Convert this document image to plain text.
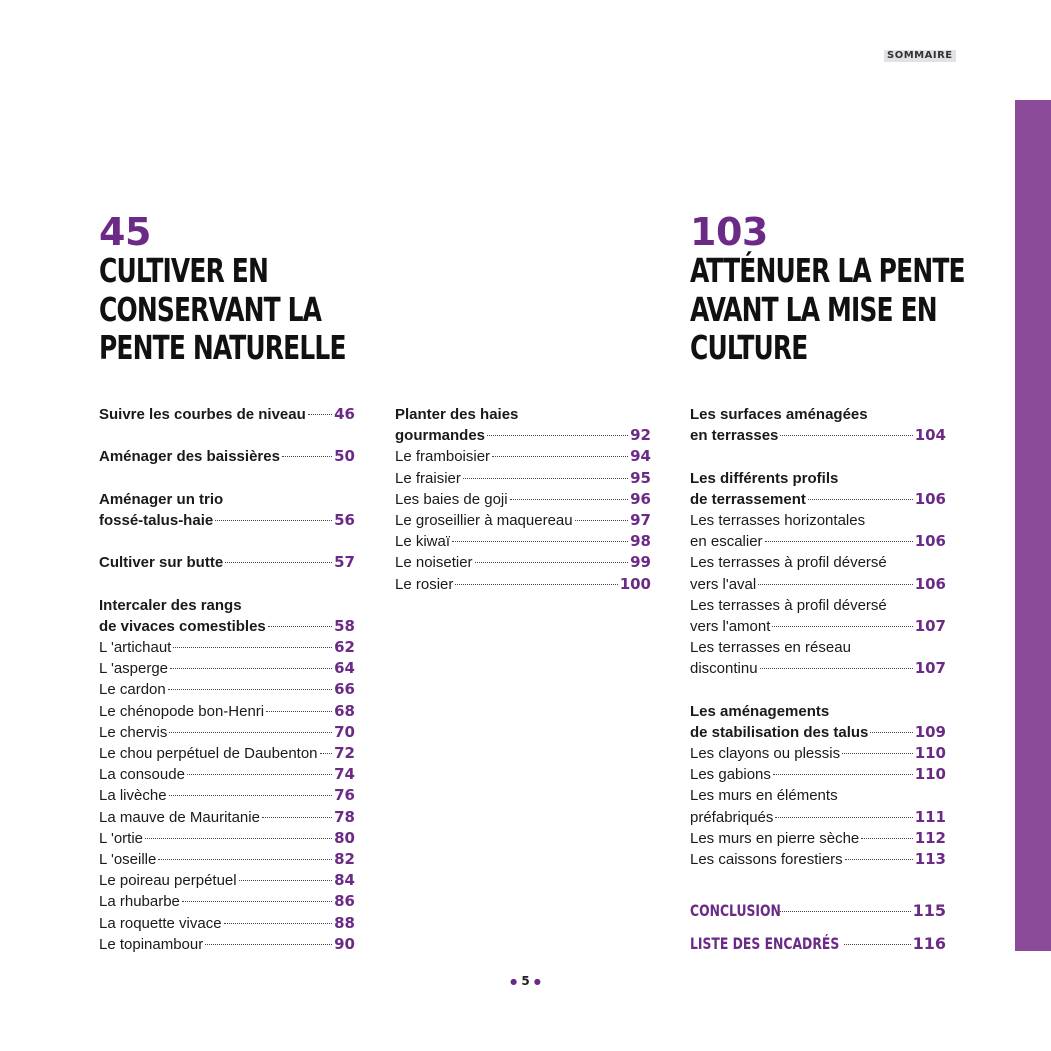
SOMMAIRE
45
CULTIVER EN CONSERVANT LA PENTE NATURELLE
103
ATTÉNUER LA PENTE AVANT LA MISE EN CULTURE
Suivre les courbes de niveau 46
Aménager des baissières	50
Aménager un trio
fossé-talus-haie	56
Cultiver sur butte	57
Intercaler des rangs
de vivaces comestibles	58
L 'artichaut	62
L 'asperge	64
Le cardon	66
Le chénopode bon-Henri	68
Le chervis	70
Le chou perpétuel de Daubenton 72
La consoude	74
La livèche	76
La mauve de Mauritanie	78
L 'ortie	80
L 'oseille	82
Le poireau perpétuel	84
La rhubarbe	86
La roquette vivace	88
Le topinambour	90
Planter des haies
gourmandes	92
Le framboisier	94
Le fraisier	95
Les baies de goji	96
Le groseillier à maquereau	97
Le kiwaï	98
Le noisetier	99
Le rosier	100
Les surfaces aménagées
en terrasses	104
Les différents profils
de terrassement	106
Les terrasses horizontales
en escalier	106
Les terrasses à profil déversé
vers l'aval	106
Les terrasses à profil déversé
vers l'amont	107
Les terrasses en réseau
discontinu	107
Les aménagements
de stabilisation des talus	109
Les clayons ou plessis	110
Les gabions	110
Les murs en éléments
préfabriqués	111
Les murs en pierre sèche	112
Les caissons forestiers	113
CONCLUSION	115
LISTE DES ENCADRÉS	116
● 5 ●
